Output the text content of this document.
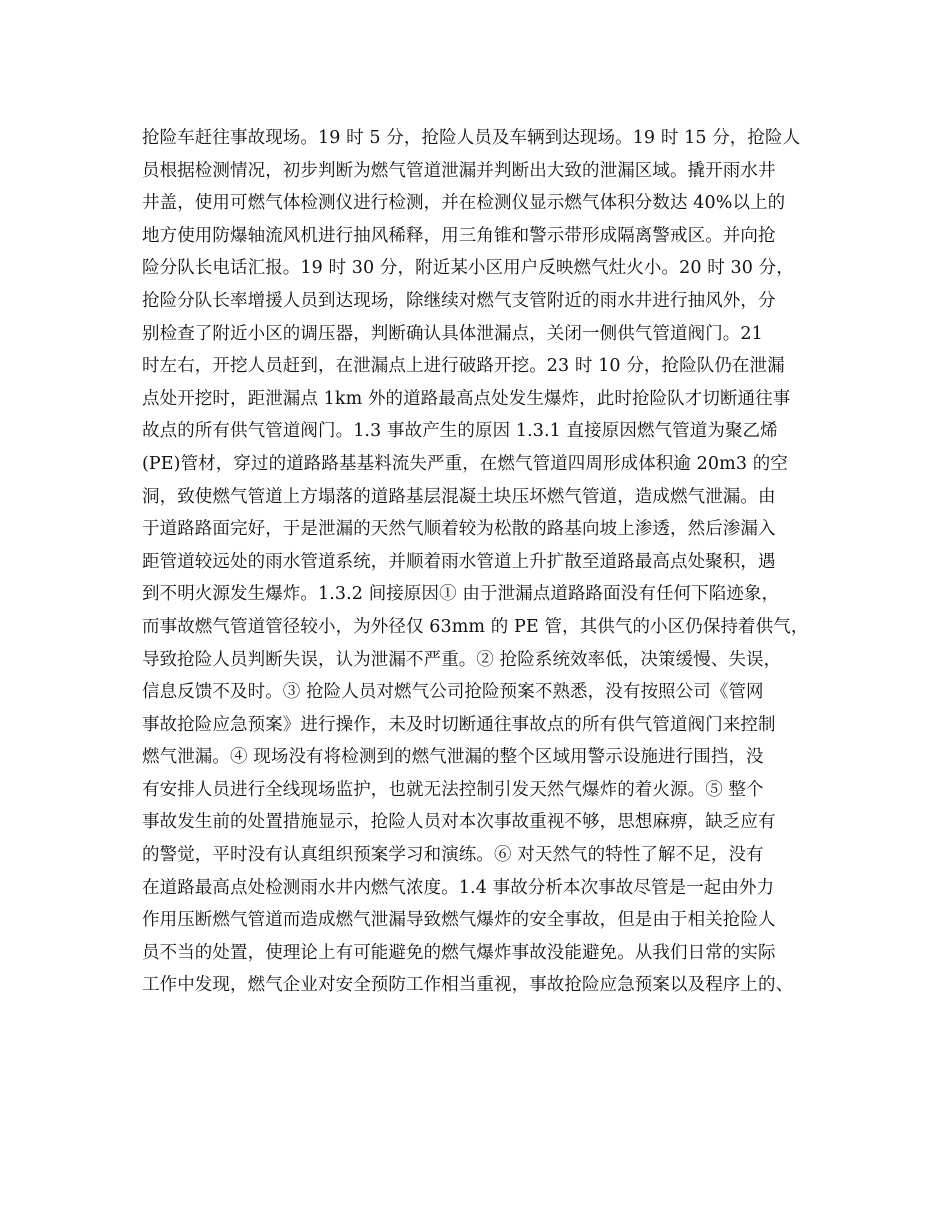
抢险车赶往事故现场。19 时 5 分，抢险人员及车辆到达现场。19 时 15 分，抢险人
员根据检测情况，初步判断为燃气管道泄漏并判断出大致的泄漏区域。撬开雨水井
井盖，使用可燃气体检测仪进行检测，并在检测仪显示燃气体积分数达 40%以上的
地方使用防爆轴流风机进行抽风稀释，用三角锥和警示带形成隔离警戒区。并向抢
险分队长电话汇报。19 时 30 分，附近某小区用户反映燃气灶火小。20 时 30 分，
抢险分队长率增援人员到达现场，除继续对燃气支管附近的雨水井进行抽风外，分
别检查了附近小区的调压器，判断确认具体泄漏点，关闭一侧供气管道阀门。21
时左右，开挖人员赶到，在泄漏点上进行破路开挖。23 时 10 分，抢险队仍在泄漏
点处开挖时，距泄漏点 1km 外的道路最高点处发生爆炸，此时抢险队才切断通往事
故点的所有供气管道阀门。1.3 事故产生的原因 1.3.1 直接原因燃气管道为聚乙烯
(PE)管材，穿过的道路路基基料流失严重，在燃气管道四周形成体积逾 20m3 的空
洞，致使燃气管道上方塌落的道路基层混凝土块压坏燃气管道，造成燃气泄漏。由
于道路路面完好，于是泄漏的天然气顺着较为松散的路基向坡上渗透，然后渗漏入
距管道较远处的雨水管道系统，并顺着雨水管道上升扩散至道路最高点处聚积，遇
到不明火源发生爆炸。1.3.2 间接原因① 由于泄漏点道路路面没有任何下陷迹象，
而事故燃气管道管径较小，为外径仅 63mm 的 PE 管，其供气的小区仍保持着供气，
导致抢险人员判断失误，认为泄漏不严重。② 抢险系统效率低，决策缓慢、失误，
信息反馈不及时。③ 抢险人员对燃气公司抢险预案不熟悉，没有按照公司《管网
事故抢险应急预案》进行操作，未及时切断通往事故点的所有供气管道阀门来控制
燃气泄漏。④ 现场没有将检测到的燃气泄漏的整个区域用警示设施进行围挡，没
有安排人员进行全线现场监护，也就无法控制引发天然气爆炸的着火源。⑤ 整个
事故发生前的处置措施显示，抢险人员对本次事故重视不够，思想麻痹，缺乏应有
的警觉，平时没有认真组织预案学习和演练。⑥ 对天然气的特性了解不足，没有
在道路最高点处检测雨水井内燃气浓度。1.4 事故分析本次事故尽管是一起由外力
作用压断燃气管道而造成燃气泄漏导致燃气爆炸的安全事故，但是由于相关抢险人
员不当的处置，使理论上有可能避免的燃气爆炸事故没能避免。从我们日常的实际
工作中发现，燃气企业对安全预防工作相当重视，事故抢险应急预案以及程序上的、
